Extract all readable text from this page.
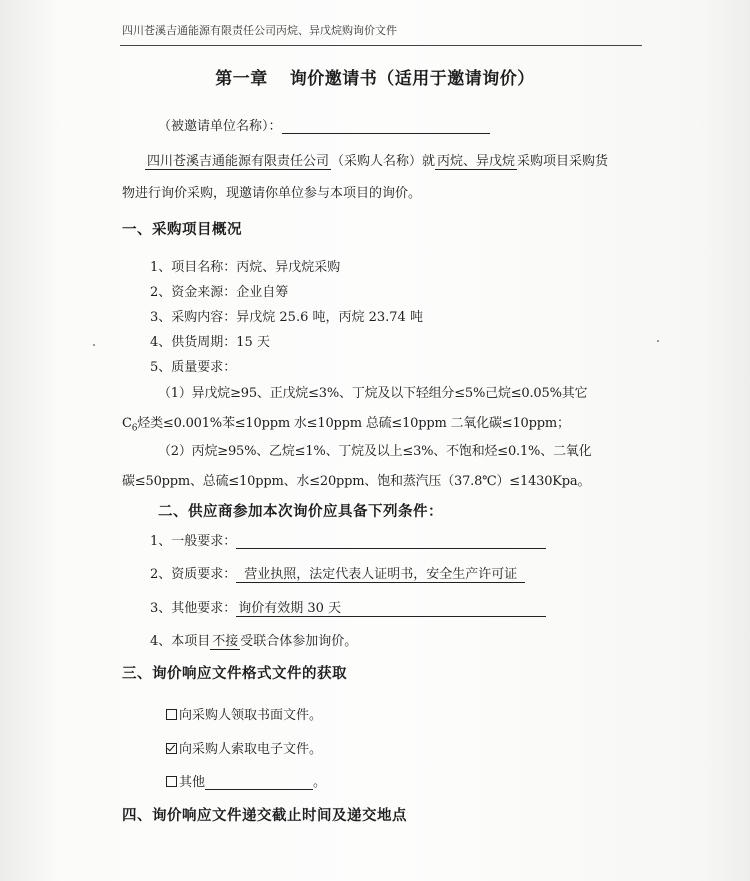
四川苍溪吉通能源有限责任公司丙烷、异戊烷购询价文件
第一章 询价邀请书（适用于邀请询价）
（被邀请单位名称）：
四川苍溪吉通能源有限责任公司 （采购人名称）就 丙烷、异戊烷 采购项目采购货
物进行询价采购，现邀请你单位参与本项目的询价。
一、采购项目概况
1、项目名称：丙烷、异戊烷采购
2、资金来源：企业自筹
3、采购内容：异戊烷 25.6 吨，丙烷 23.74 吨
4、供货周期：15 天
5、质量要求：
（1）异戊烷≥95、正戊烷≤3%、丁烷及以下轻组分≤5%己烷≤0.05%其它
$C_6$烃类≤0.001%苯≤10ppm 水≤10ppm 总硫≤10ppm 二氧化碳≤10ppm；
（2）丙烷≥95%、乙烷≤1%、丁烷及以上≤3%、不饱和烃≤0.1%、二氧化
碳≤50ppm、总硫≤10ppm、水≤20ppm、饱和蒸汽压（37.8℃）≤1430Kpa。
二、供应商参加本次询价应具备下列条件：
1、一般要求：
2、资质要求： 营业执照，法定代表人证明书，安全生产许可证
3、其他要求： 询价有效期 30 天
4、本项目 不接 受联合体参加询价。
三、询价响应文件格式文件的获取
向采购人领取书面文件。
向采购人索取电子文件。
其他	。
四、询价响应文件递交截止时间及递交地点
